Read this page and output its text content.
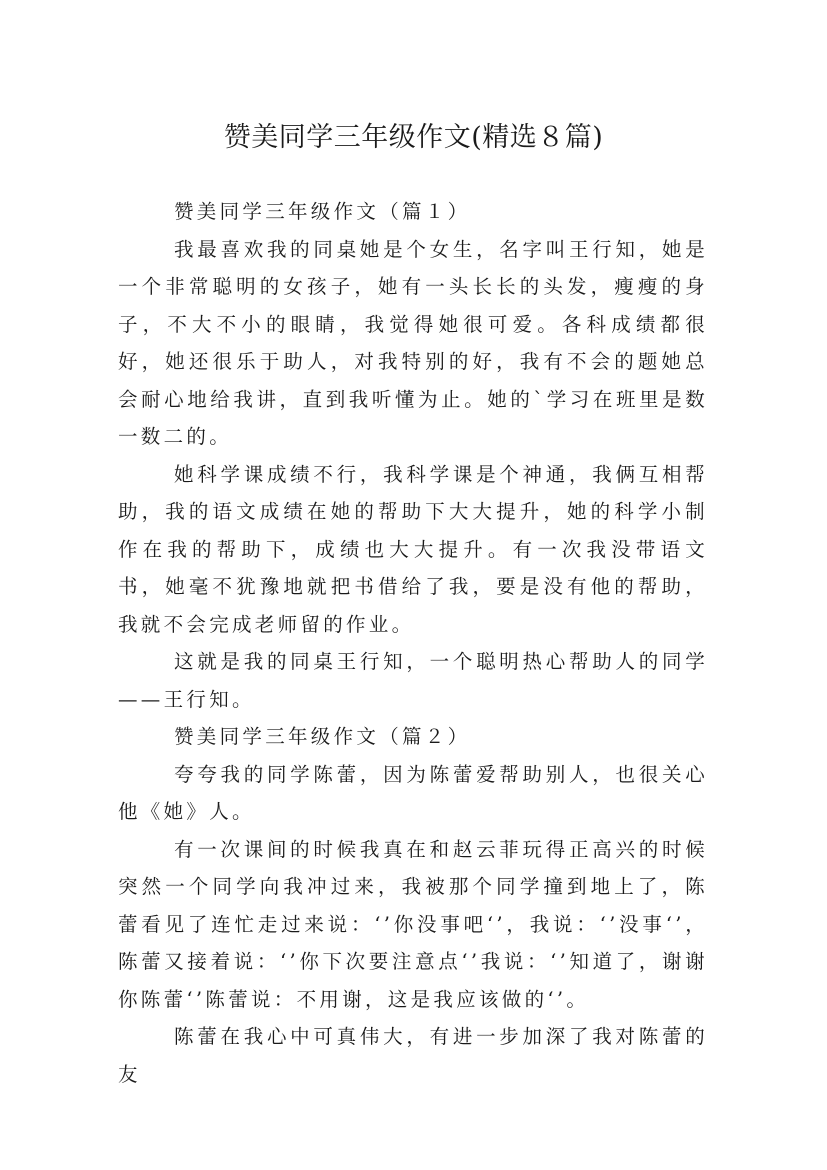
赞美同学三年级作文(精选８篇)

赞美同学三年级作文（篇１）

我最喜欢我的同桌她是个女生，名字叫王行知，她是一个非常聪明的女孩子，她有一头长长的头发，瘦瘦的身子，不大不小的眼睛，我觉得她很可爱。各科成绩都很好，她还很乐于助人，对我特别的好，我有不会的题她总会耐心地给我讲，直到我听懂为止。她的`学习在班里是数一数二的。

她科学课成绩不行，我科学课是个神通，我俩互相帮助，我的语文成绩在她的帮助下大大提升，她的科学小制作在我的帮助下，成绩也大大提升。有一次我没带语文书，她毫不犹豫地就把书借给了我，要是没有他的帮助，我就不会完成老师留的作业。

这就是我的同桌王行知，一个聪明热心帮助人的同学——王行知。

赞美同学三年级作文（篇２）

夸夸我的同学陈蕾，因为陈蕾爱帮助别人，也很关心他《她》人。

有一次课间的时候我真在和赵云菲玩得正高兴的时候突然一个同学向我冲过来，我被那个同学撞到地上了，陈蕾看见了连忙走过来说：‘’你没事吧‘’，我说：‘’没事‘’，陈蕾又接着说：‘’你下次要注意点‘’我说：‘’知道了，谢谢你陈蕾‘’陈蕾说：不用谢，这是我应该做的‘’。

陈蕾在我心中可真伟大，有进一步加深了我对陈蕾的友
